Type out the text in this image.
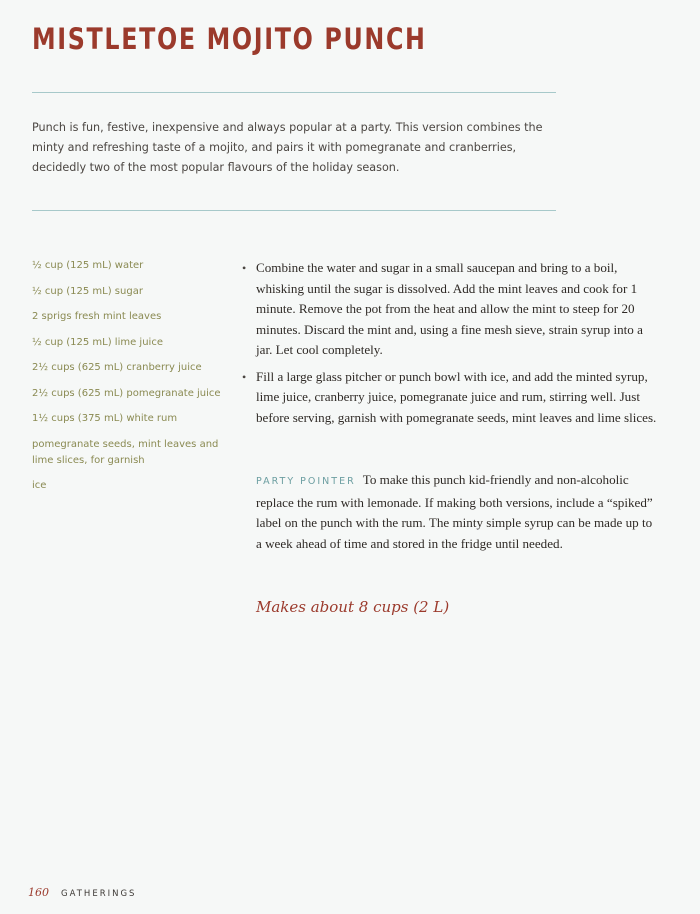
MISTLETOE MOJITO PUNCH

Punch is fun, festive, inexpensive and always popular at a party. This version combines the minty and refreshing taste of a mojito, and pairs it with pomegranate and cranberries, decidedly two of the most popular flavours of the holiday season.

½ cup (125 mL) water
½ cup (125 mL) sugar
2 sprigs fresh mint leaves
½ cup (125 mL) lime juice
2½ cups (625 mL) cranberry juice
2½ cups (625 mL) pomegranate juice
1½ cups (375 mL) white rum
pomegranate seeds, mint leaves and lime slices, for garnish
ice
• Combine the water and sugar in a small saucepan and bring to a boil, whisking until the sugar is dissolved. Add the mint leaves and cook for 1 minute. Remove the pot from the heat and allow the mint to steep for 20 minutes. Discard the mint and, using a fine mesh sieve, strain syrup into a jar. Let cool completely.
• Fill a large glass pitcher or punch bowl with ice, and add the minted syrup, lime juice, cranberry juice, pomegranate juice and rum, stirring well. Just before serving, garnish with pomegranate seeds, mint leaves and lime slices.

PARTY POINTER To make this punch kid-friendly and non-alcoholic replace the rum with lemonade. If making both versions, include a “spiked” label on the punch with the rum. The minty simple syrup can be made up to a week ahead of time and stored in the fridge until needed.

Makes about 8 cups (2 L)

160 GATHERINGS
